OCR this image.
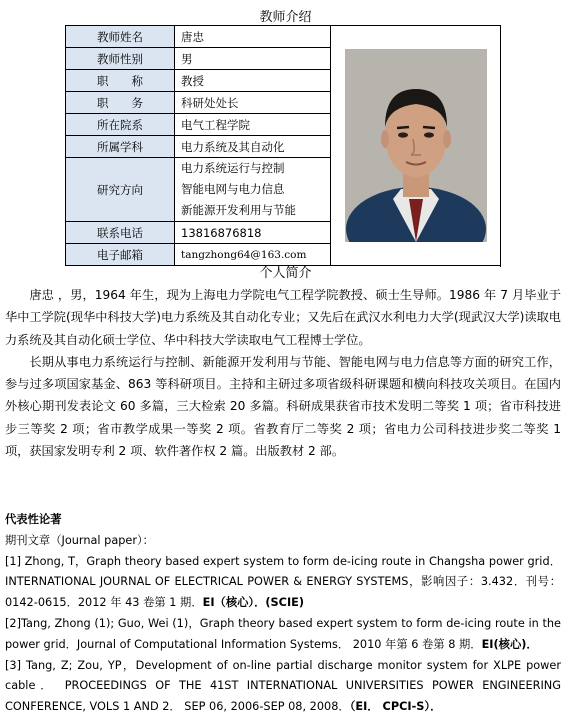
教师介绍
教师姓名	唐忠	

教师性别	男	
职　　称	教授	
职　　务	科研处处长	
所在院系	电气工程学院	
所属学科	电力系统及其自动化	
研究方向	电力系统运行与控制
智能电网与电力信息
新能源开发利用与节能	

联系电话	13816876818	
电子邮箱	tangzhong64@163.com	

个人简介

唐忠 ，男，1964 年生，现为上海电力学院电气工程学院教授、硕士生导师。1986 年 7 月毕业于华中工学院(现华中科技大学)电力系统及其自动化专业；又先后在武汉水利电力大学(现武汉大学)读取电力系统及其自动化硕士学位、华中科技大学读取电气工程博士学位。

长期从事电力系统运行与控制、新能源开发利用与节能、智能电网与电力信息等方面的研究工作，参与过多项国家基金、863 等科研项目。主持和主研过多项省级科研课题和横向科技攻关项目。在国内外核心期刊发表论文 60 多篇，三大检索 20 多篇。科研成果获省市技术发明二等奖 1 项；省市科技进步三等奖 2 项；省市教学成果一等奖 2 项。省教育厅二等奖 2 项；省电力公司科技进步奖二等奖 1 项，获国家发明专利 2 项、软件著作权 2 篇。出版教材 2 部。

代表性论著

期刊文章（Journal paper）：

[1] Zhong, T，Graph theory based expert system to form de-icing route in Changsha power grid．INTERNATIONAL JOURNAL OF ELECTRICAL POWER & ENERGY SYSTEMS，影响因子：3.432．刊号：0142-0615．2012 年 43 卷第 1 期．EI（核心）．(SCIE)

[2]Tang, Zhong (1); Guo, Wei (1)，Graph theory based expert system to form de-icing route in the power grid．Journal of Computational Information Systems． 2010 年第 6 卷第 8 期．EI(核心)．

[3] Tang, Z; Zou, YP，Development of on-line partial discharge monitor system for XLPE power cable． PROCEEDINGS OF THE 41ST INTERNATIONAL UNIVERSITIES POWER ENGINEERING CONFERENCE, VOLS 1 AND 2． SEP 06, 2006-SEP 08, 2008．（EI． CPCI-S）．
